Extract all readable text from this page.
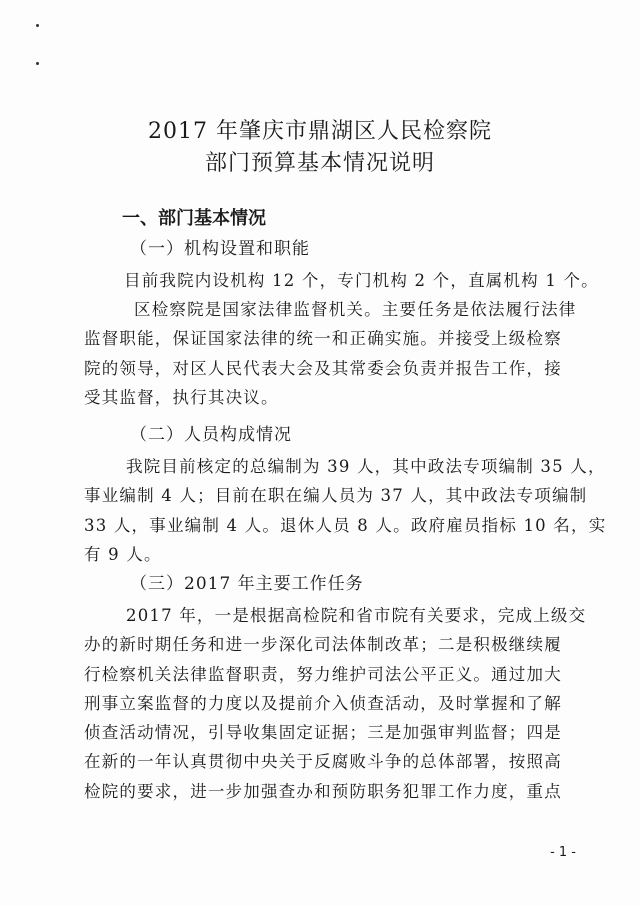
2017 年肇庆市鼎湖区人民检察院
部门预算基本情况说明
一、部门基本情况
（一）机构设置和职能
目前我院内设机构 12 个，专门机构 2 个，直属机构 1 个。
区检察院是国家法律监督机关。主要任务是依法履行法律
监督职能，保证国家法律的统一和正确实施。并接受上级检察
院的领导，对区人民代表大会及其常委会负责并报告工作，接
受其监督，执行其决议。
（二）人员构成情况
我院目前核定的总编制为 39 人，其中政法专项编制 35 人，
事业编制 4 人；目前在职在编人员为 37 人，其中政法专项编制
33 人，事业编制 4 人。退休人员 8 人。政府雇员指标 10 名，实
有 9 人。
（三）2017 年主要工作任务
2017 年，一是根据高检院和省市院有关要求，完成上级交
办的新时期任务和进一步深化司法体制改革；二是积极继续履
行检察机关法律监督职责，努力维护司法公平正义。通过加大
刑事立案监督的力度以及提前介入侦查活动，及时掌握和了解
侦查活动情况，引导收集固定证据；三是加强审判监督；四是
在新的一年认真贯彻中央关于反腐败斗争的总体部署，按照高
检院的要求，进一步加强查办和预防职务犯罪工作力度，重点
- 1 -
